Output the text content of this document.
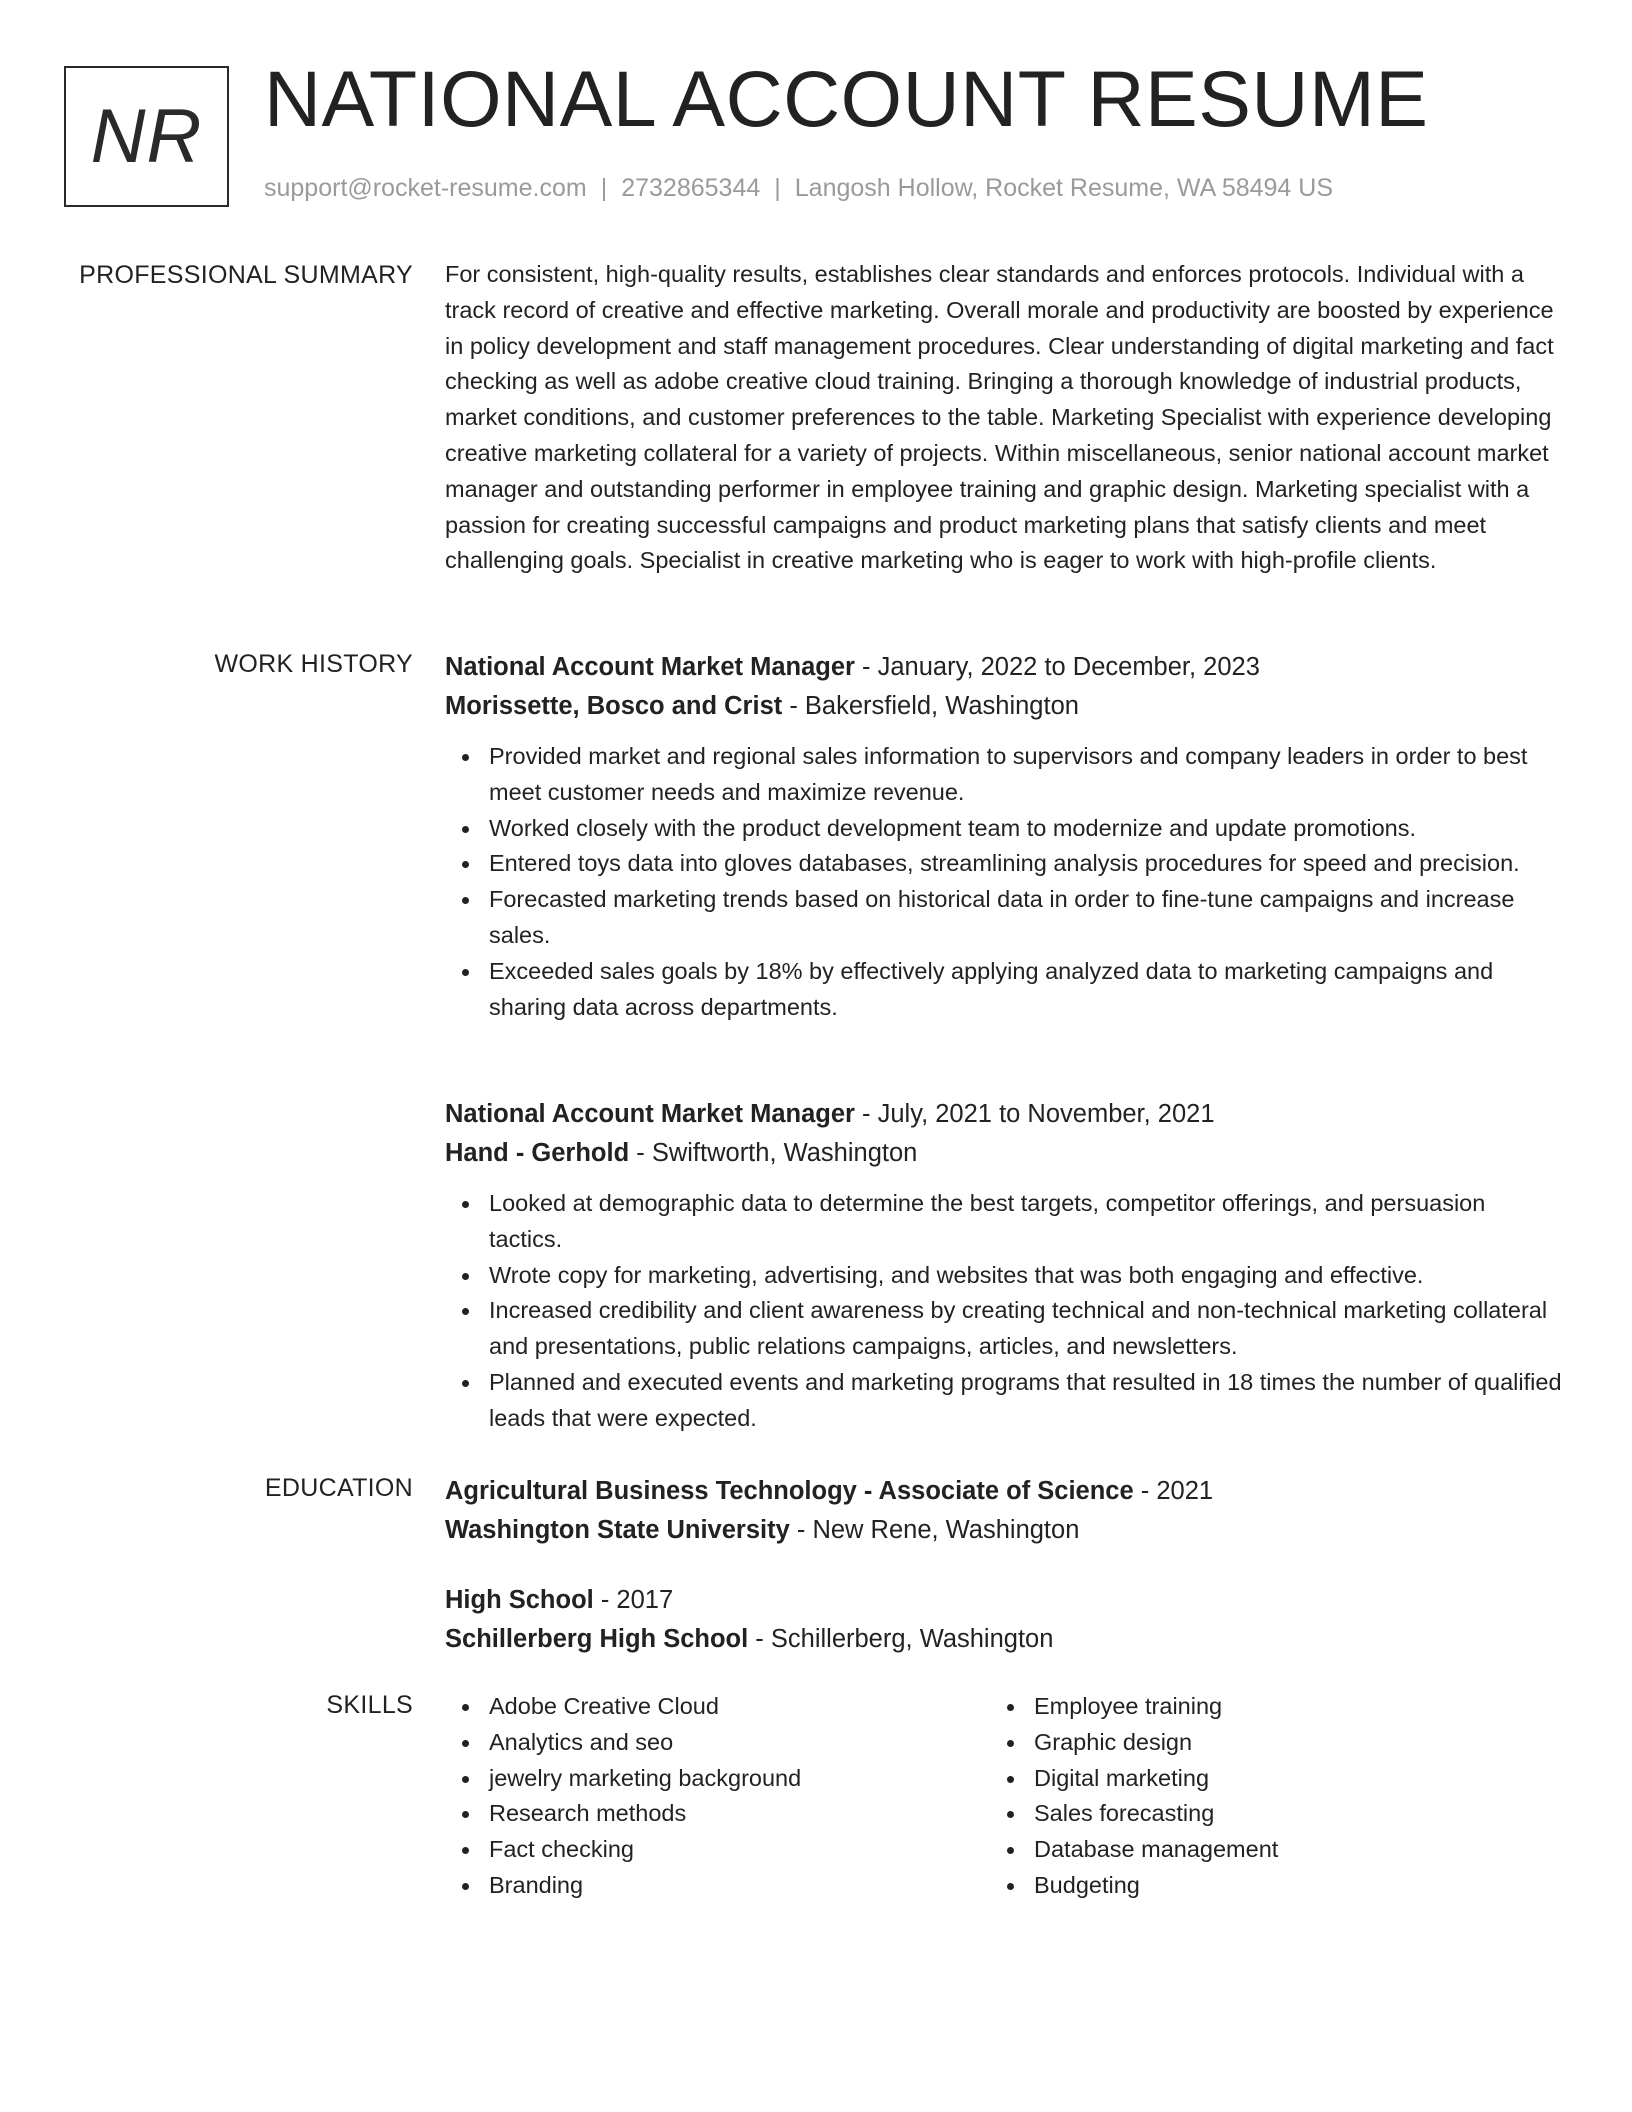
NR NATIONAL ACCOUNT RESUME
support@rocket-resume.com | 2732865344 | Langosh Hollow, Rocket Resume, WA 58494 US
PROFESSIONAL SUMMARY For consistent, high-quality results, establishes clear standards and enforces protocols. Individual with a track record of creative and effective marketing. Overall morale and productivity are boosted by experience in policy development and staff management procedures. Clear understanding of digital marketing and fact checking as well as adobe creative cloud training. Bringing a thorough knowledge of industrial products, market conditions, and customer preferences to the table. Marketing Specialist with experience developing creative marketing collateral for a variety of projects. Within miscellaneous, senior national account market manager and outstanding performer in employee training and graphic design. Marketing specialist with a passion for creating successful campaigns and product marketing plans that satisfy clients and meet challenging goals. Specialist in creative marketing who is eager to work with high-profile clients.
WORK HISTORY National Account Market Manager - January, 2022 to December, 2023
Morissette, Bosco and Crist - Bakersfield, Washington
Provided market and regional sales information to supervisors and company leaders in order to best meet customer needs and maximize revenue.
Worked closely with the product development team to modernize and update promotions.
Entered toys data into gloves databases, streamlining analysis procedures for speed and precision.
Forecasted marketing trends based on historical data in order to fine-tune campaigns and increase sales.
Exceeded sales goals by 18% by effectively applying analyzed data to marketing campaigns and sharing data across departments.
National Account Market Manager - July, 2021 to November, 2021
Hand - Gerhold - Swiftworth, Washington
Looked at demographic data to determine the best targets, competitor offerings, and persuasion tactics.
Wrote copy for marketing, advertising, and websites that was both engaging and effective.
Increased credibility and client awareness by creating technical and non-technical marketing collateral and presentations, public relations campaigns, articles, and newsletters.
Planned and executed events and marketing programs that resulted in 18 times the number of qualified leads that were expected.
EDUCATION Agricultural Business Technology - Associate of Science - 2021
Washington State University - New Rene, Washington
High School - 2017
Schillerberg High School - Schillerberg, Washington
SKILLS	Adobe Creative Cloud
Analytics and seo
jewelry marketing background
Research methods
Fact checking
Branding
Employee training
Graphic design
Digital marketing
Sales forecasting
Database management
Budgeting
